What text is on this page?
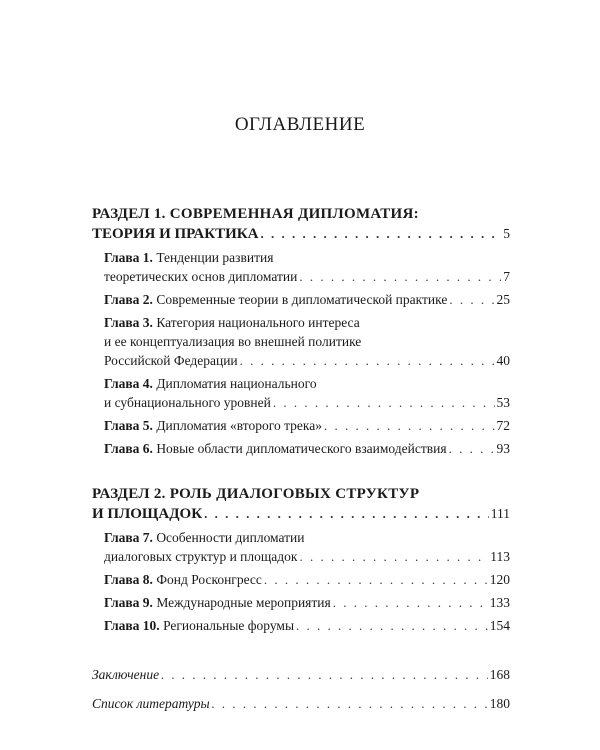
ОГЛАВЛЕНИЕ
РАЗДЕЛ 1. СОВРЕМЕННАЯ ДИПЛОМАТИЯ:
ТЕОРИЯ И ПРАКТИКА . . .	5
Глава 1. Тенденции развития
теоретических основ дипломатии . . .	7
Глава 2. Современные теории в дипломатической практике . . .	25
Глава 3. Категория национального интереса
и ее концептуализация во внешней политике
Российской Федерации . . .	40
Глава 4. Дипломатия национального
и субнационального уровней . . .	53
Глава 5. Дипломатия «второго трека» . . .	72
Глава 6. Новые области дипломатического взаимодействия . . .	93
РАЗДЕЛ 2. РОЛЬ ДИАЛОГОВЫХ СТРУКТУР
И ПЛОЩАДОК . . .	111
Глава 7. Особенности дипломатии
диалоговых структур и площадок . . .	113
Глава 8. Фонд Росконгресс . . .	120
Глава 9. Международные мероприятия . . .	133
Глава 10. Региональные форумы . . .	154
Заключение . . .	168
Список литературы . . .	180
